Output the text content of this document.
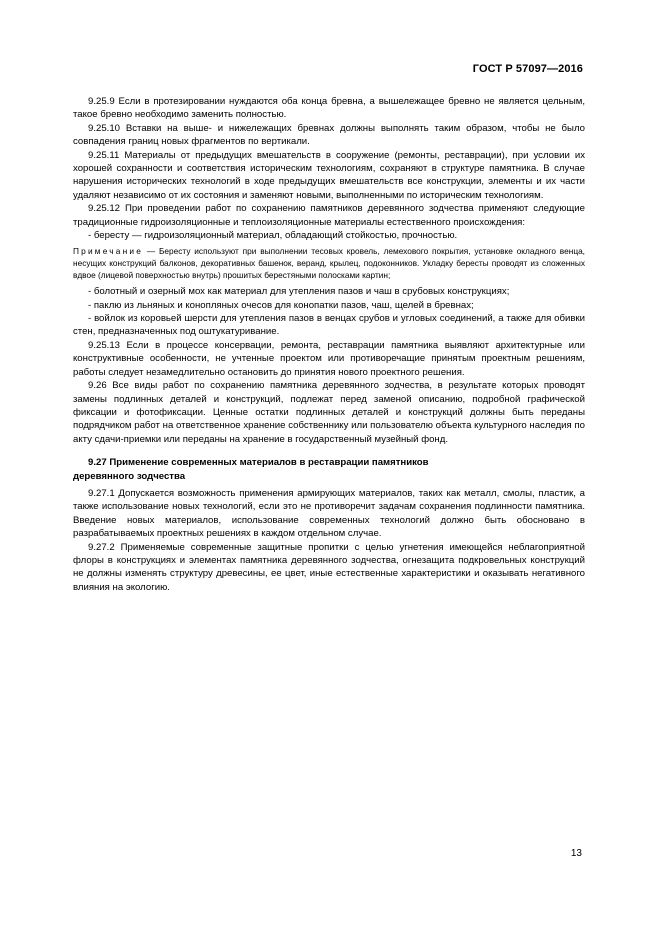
ГОСТ Р 57097—2016

9.25.9 Если в протезировании нуждаются оба конца бревна, а вышележащее бревно не является цельным, такое бревно необходимо заменить полностью.

9.25.10 Вставки на выше- и нижележащих бревнах должны выполнять таким образом, чтобы не было совпадения границ новых фрагментов по вертикали.

9.25.11 Материалы от предыдущих вмешательств в сооружение (ремонты, реставрации), при условии их хорошей сохранности и соответствия историческим технологиям, сохраняют в структуре памятника. В случае нарушения исторических технологий в ходе предыдущих вмешательств все конструкции, элементы и их части удаляют независимо от их состояния и заменяют новыми, выполненными по историческим технологиям.

9.25.12 При проведении работ по сохранению памятников деревянного зодчества применяют следующие традиционные гидроизоляционные и теплоизоляционные материалы естественного происхождения:

- бересту — гидроизоляционный материал, обладающий стойкостью, прочностью.

Примечание — Бересту используют при выполнении тесовых кровель, лемехового покрытия, установке окладного венца, несущих конструкций балконов, декоративных башенок, веранд, крылец, подоконников. Укладку бересты проводят из сложенных вдвое (лицевой поверхностью внутрь) прошитых берестяными полосками картин;

- болотный и озерный мох как материал для утепления пазов и чаш в срубовых конструкциях;

- паклю из льняных и конопляных очесов для конопатки пазов, чаш, щелей в бревнах;

- войлок из коровьей шерсти для утепления пазов в венцах срубов и угловых соединений, а также для обивки стен, предназначенных под оштукатуривание.

9.25.13 Если в процессе консервации, ремонта, реставрации памятника выявляют архитектурные или конструктивные особенности, не учтенные проектом или противоречащие принятым проектным решениям, работы следует незамедлительно остановить до принятия нового проектного решения.

9.26 Все виды работ по сохранению памятника деревянного зодчества, в результате которых проводят замены подлинных деталей и конструкций, подлежат перед заменой описанию, подробной графической фиксации и фотофиксации. Ценные остатки подлинных деталей и конструкций должны быть переданы подрядчиком работ на ответственное хранение собственнику или пользователю объекта культурного наследия по акту сдачи-приемки или переданы на хранение в государственный музейный фонд.

9.27 Применение современных материалов в реставрации памятников
деревянного зодчества

9.27.1 Допускается возможность применения армирующих материалов, таких как металл, смолы, пластик, а также использование новых технологий, если это не противоречит задачам сохранения подлинности памятника. Введение новых материалов, использование современных технологий должно быть обосновано в разрабатываемых проектных решениях в каждом отдельном случае.

9.27.2 Применяемые современные защитные пропитки с целью угнетения имеющейся неблагоприятной флоры в конструкциях и элементах памятника деревянного зодчества, огнезащита подкровельных конструкций не должны изменять структуру древесины, ее цвет, иные естественные характеристики и оказывать негативного влияния на экологию.

13
